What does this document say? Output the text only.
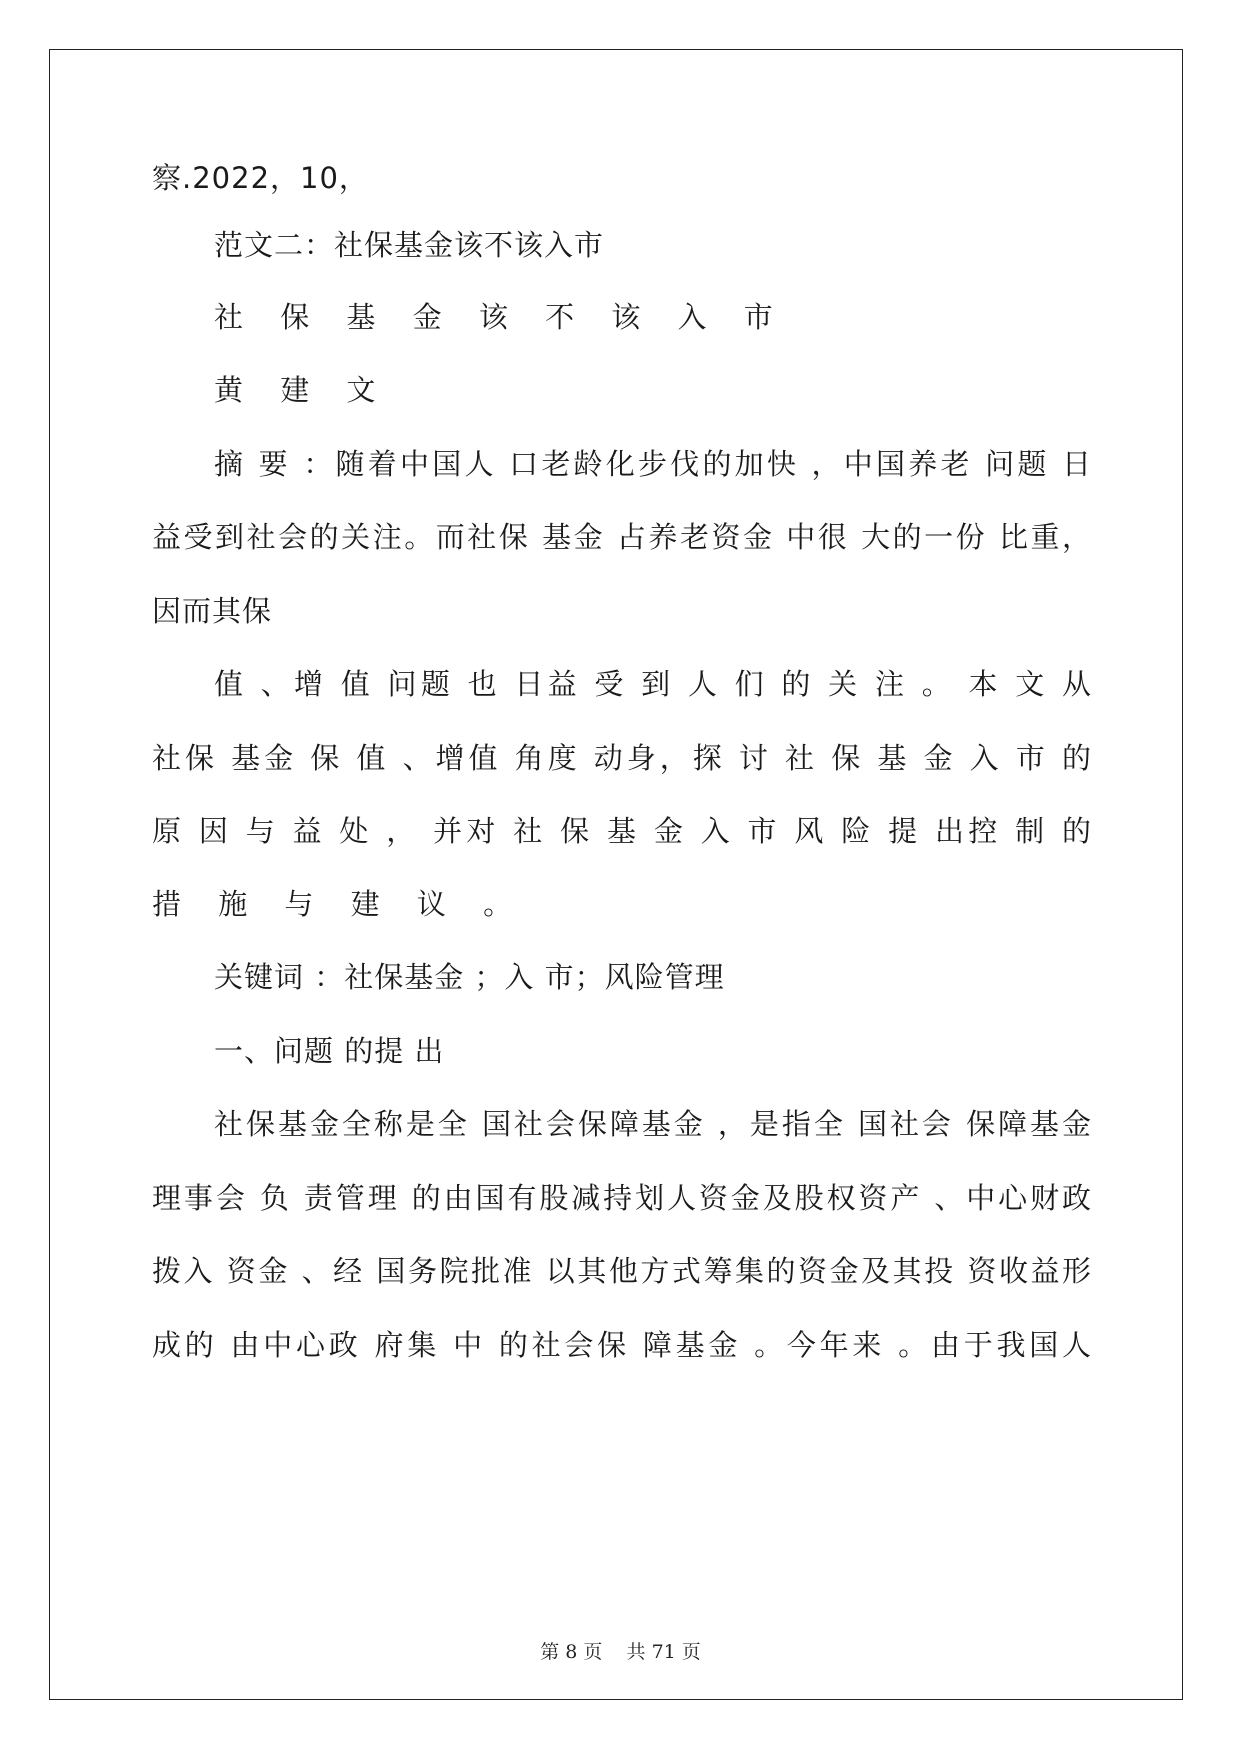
察.2022，10，
范文二：社保基金该不该入市
社 保 基 金 该 不 该 入 市
黄 建 文
摘 要 ：随着中国人 口老龄化步伐的加快 ，中国养老 问题 日
益受到社会的关注。而社保 基金 占养老资金 中很 大的一份 比重，
因而其保
值 、增 值 问题 也 日益 受 到 人 们 的 关 注 。 本 文 从
社保 基金 保 值 、增值 角度 动身，探 讨 社 保 基 金 入 市 的
原 因 与 益 处 ， 并对 社 保 基 金 入 市 风 险 提 出控 制 的
措 施 与 建 议 。
关键词 ：社保基金 ；入 市；风险管理
一、问题 的提 出
社保基金全称是全 国社会保障基金 ，是指全 国社会 保障基金
理事会 负 责管理 的由国有股减持划人资金及股权资产 、中心财政
拨入 资金 、经 国务院批准 以其他方式筹集的资金及其投 资收益形
成的 由中心政 府集 中 的社会保 障基金 。今年来 。由于我国人
第 8 页    共 71 页
